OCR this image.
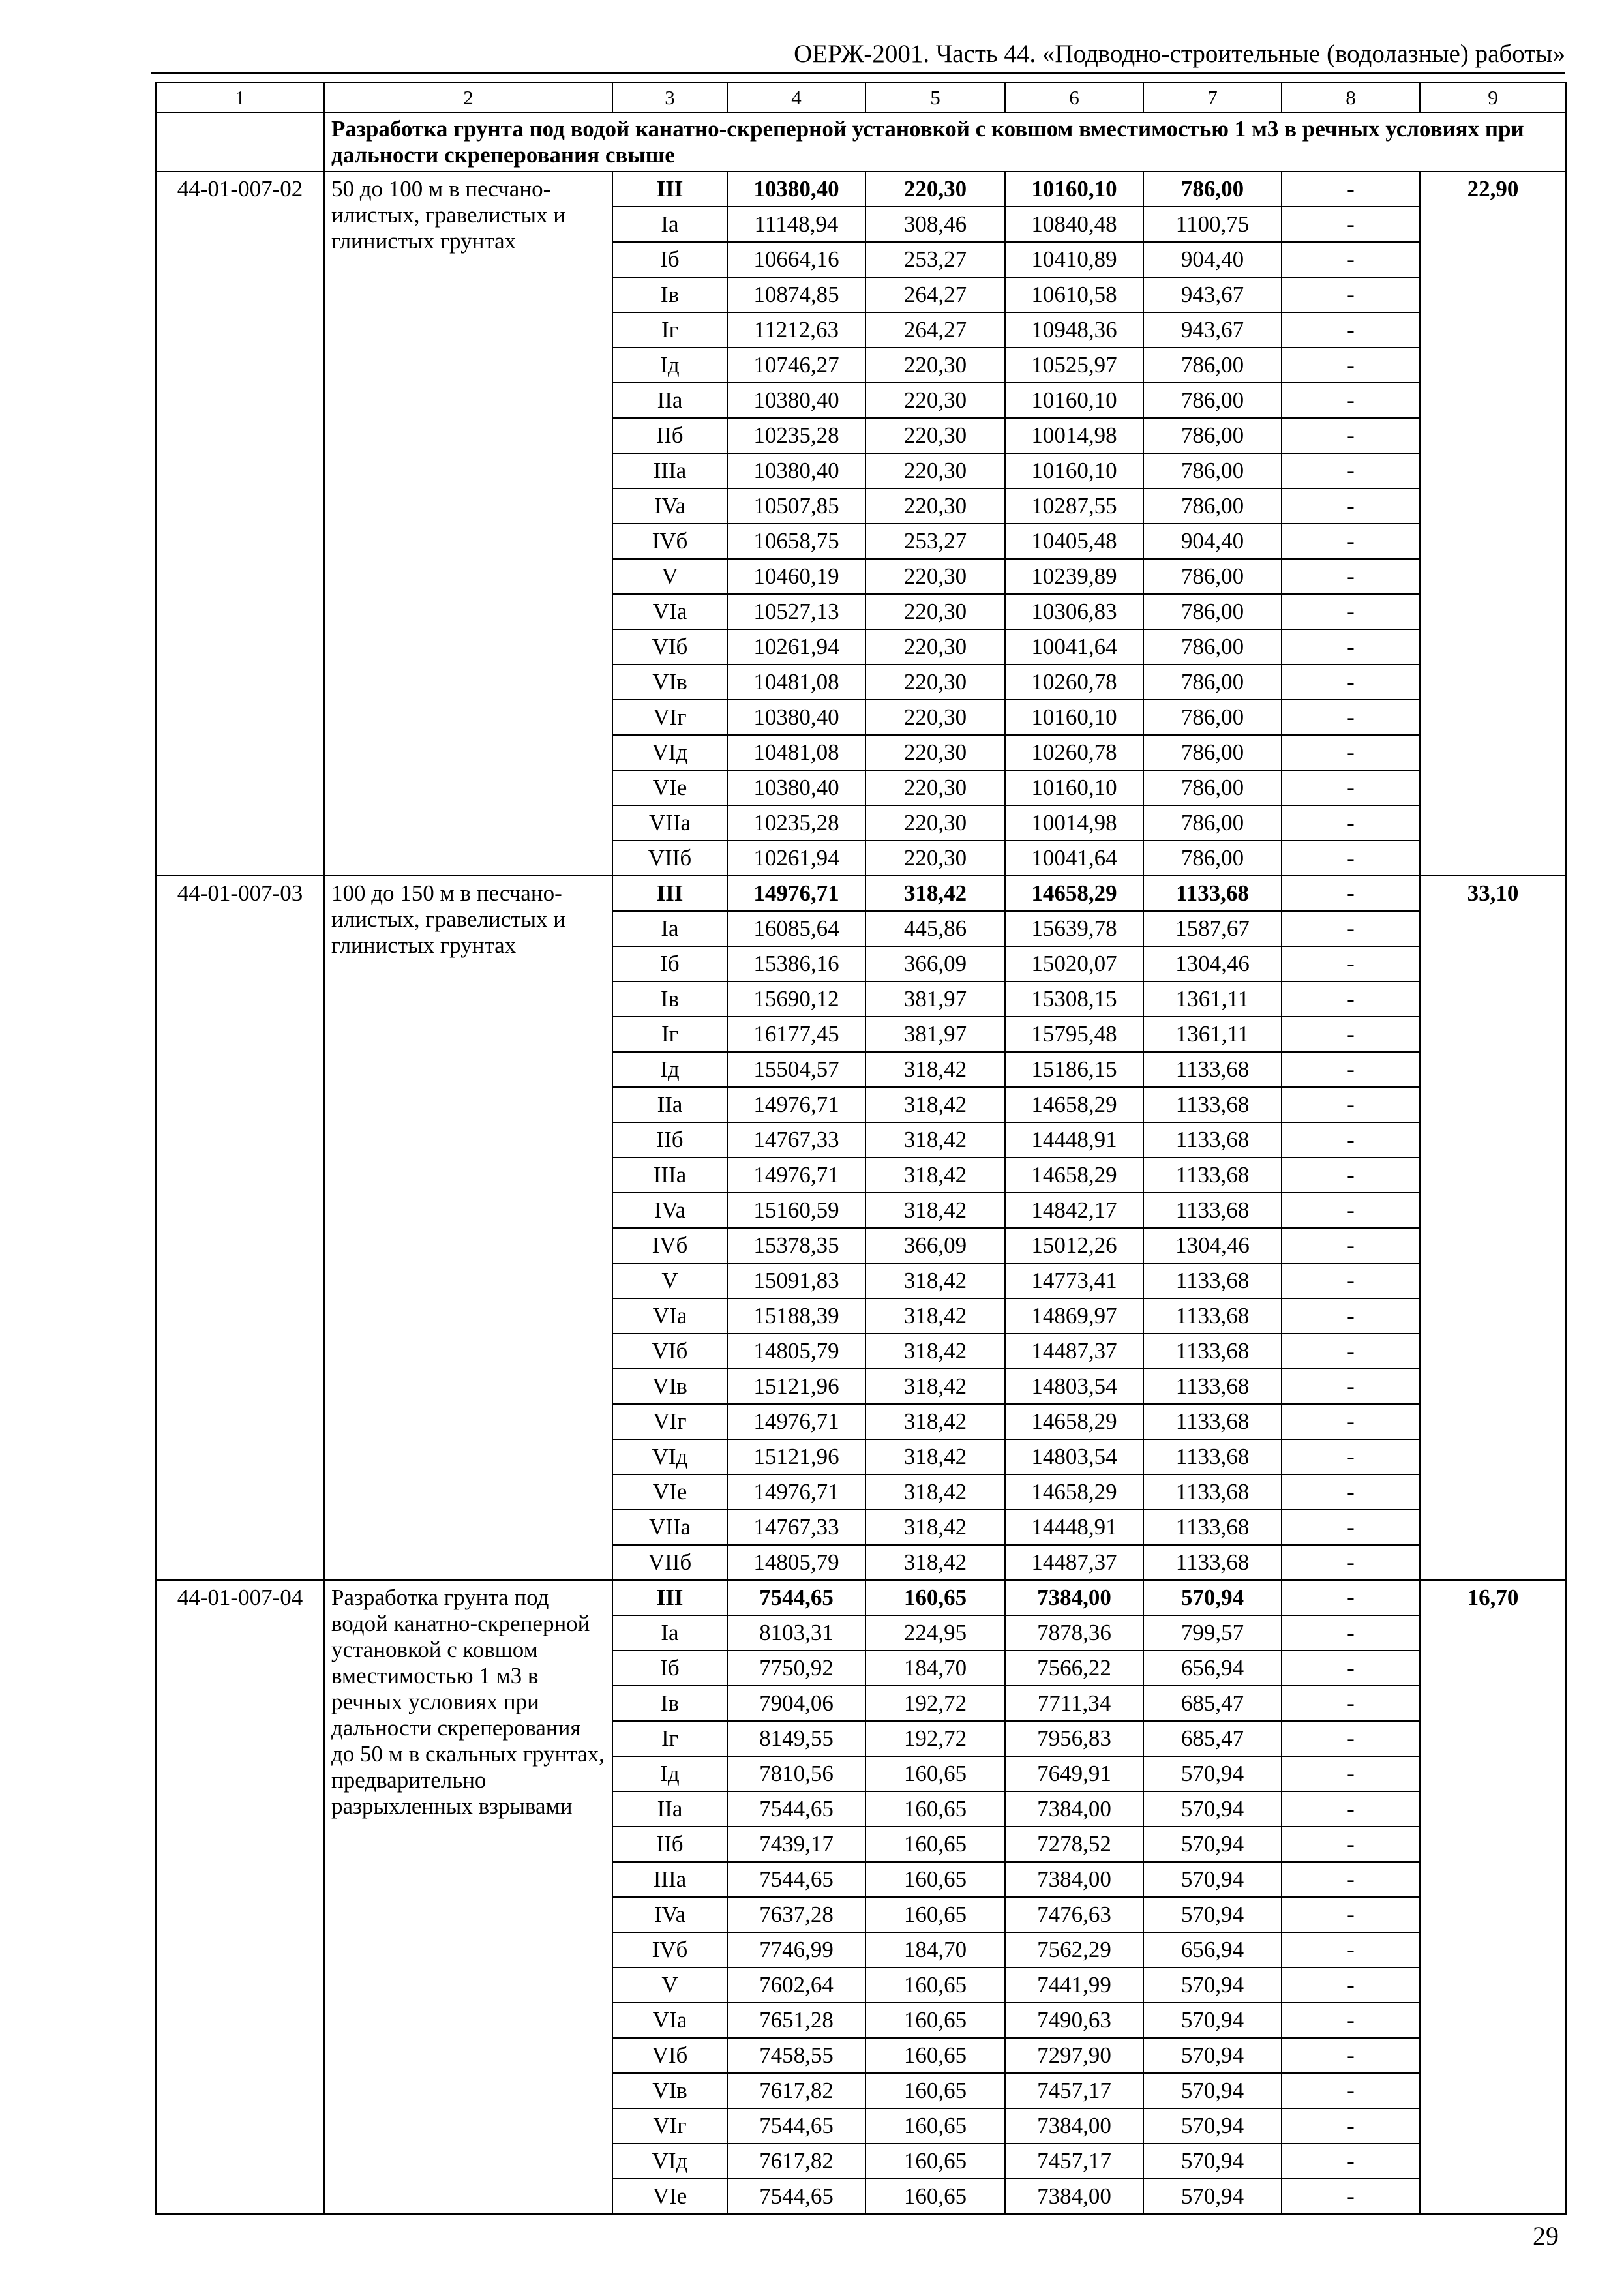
ОЕРЖ-2001. Часть 44. «Подводно-строительные (водолазные) работы»
1	2	3	4	5	6	7	8	9
	Разработка грунта под водой канатно-скреперной установкой с ковшом вместимостью 1 м3 в речных условиях при дальности скреперования свыше							
44-01-007-02	50 до 100 м в песчано-илистых, гравелистых и глинистых грунтах	III	10380,40	220,30	10160,10	786,00	-	22,90
		Ia	11148,94	308,46	10840,48	1100,75	-	
		Iб	10664,16	253,27	10410,89	904,40	-	
		Iв	10874,85	264,27	10610,58	943,67	-	
		Iг	11212,63	264,27	10948,36	943,67	-	
		Iд	10746,27	220,30	10525,97	786,00	-	
		IIa	10380,40	220,30	10160,10	786,00	-	
		IIб	10235,28	220,30	10014,98	786,00	-	
		IIIa	10380,40	220,30	10160,10	786,00	-	
		IVa	10507,85	220,30	10287,55	786,00	-	
		IVб	10658,75	253,27	10405,48	904,40	-	
		V	10460,19	220,30	10239,89	786,00	-	
		VIa	10527,13	220,30	10306,83	786,00	-	
		VIб	10261,94	220,30	10041,64	786,00	-	
		VIв	10481,08	220,30	10260,78	786,00	-	
		VIг	10380,40	220,30	10160,10	786,00	-	
		VIд	10481,08	220,30	10260,78	786,00	-	
		VIe	10380,40	220,30	10160,10	786,00	-	
		VIIa	10235,28	220,30	10014,98	786,00	-	
		VIIб	10261,94	220,30	10041,64	786,00	-	
44-01-007-03	100 до 150 м в песчано-илистых, гравелистых и глинистых грунтах	III	14976,71	318,42	14658,29	1133,68	-	33,10
		Ia	16085,64	445,86	15639,78	1587,67	-	
		Iб	15386,16	366,09	15020,07	1304,46	-	
		Iв	15690,12	381,97	15308,15	1361,11	-	
		Iг	16177,45	381,97	15795,48	1361,11	-	
		Iд	15504,57	318,42	15186,15	1133,68	-	
		IIa	14976,71	318,42	14658,29	1133,68	-	
		IIб	14767,33	318,42	14448,91	1133,68	-	
		IIIa	14976,71	318,42	14658,29	1133,68	-	
		IVa	15160,59	318,42	14842,17	1133,68	-	
		IVб	15378,35	366,09	15012,26	1304,46	-	
		V	15091,83	318,42	14773,41	1133,68	-	
		VIa	15188,39	318,42	14869,97	1133,68	-	
		VIб	14805,79	318,42	14487,37	1133,68	-	
		VIв	15121,96	318,42	14803,54	1133,68	-	
		VIг	14976,71	318,42	14658,29	1133,68	-	
		VIд	15121,96	318,42	14803,54	1133,68	-	
		VIe	14976,71	318,42	14658,29	1133,68	-	
		VIIa	14767,33	318,42	14448,91	1133,68	-	
		VIIб	14805,79	318,42	14487,37	1133,68	-	
44-01-007-04	Разработка грунта под водой канатно-скреперной установкой с ковшом вместимостью 1 м3 в речных условиях при дальности скреперования до 50 м в скальных грунтах, предварительно разрыхленных взрывами	III	7544,65	160,65	7384,00	570,94	-	16,70
		Ia	8103,31	224,95	7878,36	799,57	-	
		Iб	7750,92	184,70	7566,22	656,94	-	
		Iв	7904,06	192,72	7711,34	685,47	-	
		Iг	8149,55	192,72	7956,83	685,47	-	
		Iд	7810,56	160,65	7649,91	570,94	-	
		IIa	7544,65	160,65	7384,00	570,94	-	
		IIб	7439,17	160,65	7278,52	570,94	-	
		IIIa	7544,65	160,65	7384,00	570,94	-	
		IVa	7637,28	160,65	7476,63	570,94	-	
		IVб	7746,99	184,70	7562,29	656,94	-	
		V	7602,64	160,65	7441,99	570,94	-	
		VIa	7651,28	160,65	7490,63	570,94	-	
		VIб	7458,55	160,65	7297,90	570,94	-	
		VIв	7617,82	160,65	7457,17	570,94	-	
		VIг	7544,65	160,65	7384,00	570,94	-	
		VIд	7617,82	160,65	7457,17	570,94	-	
		VIe	7544,65	160,65	7384,00	570,94	-	
29
